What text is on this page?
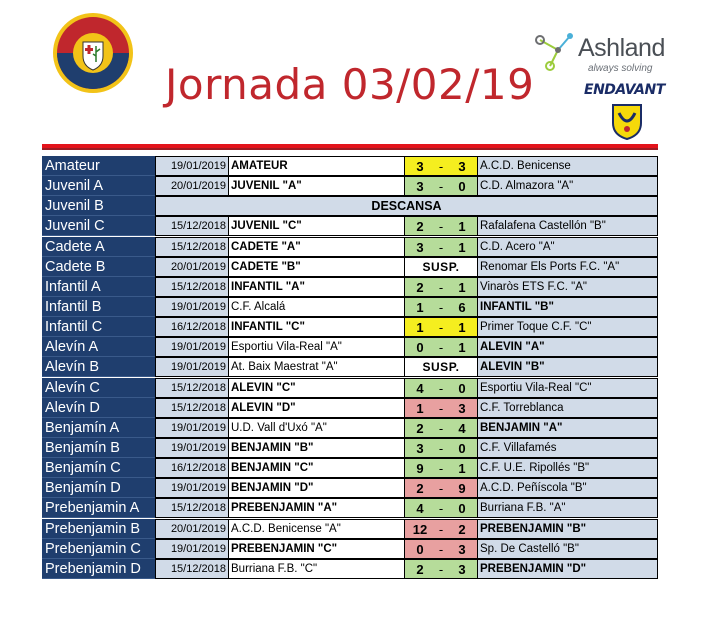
Jornada 03/02/19
Ashland
always solving
ENDAVANT
Amateur	19/01/2019 AMATEUR	3	-	3	A.C.D. Benicense
Juvenil A	20/01/2019 JUVENIL "A"	3	-	0	C.D. Almazora "A"
Juvenil B	DESCANSA
Juvenil C	15/12/2018 JUVENIL "C"	2	-	1	Rafalafena Castellón "B"
Cadete A	15/12/2018 CADETE "A"	3	-	1	C.D. Acero "A"
Cadete B	20/01/2019 CADETE "B"	SUSP.	Renomar Els Ports F.C. "A"
Infantil A	15/12/2018 INFANTIL "A"	2	-	1	Vinaròs ETS F.C. "A"
Infantil B	19/01/2019 C.F. Alcalá	1	-	6	INFANTIL "B"
Infantil C	16/12/2018 INFANTIL "C"	1	-	1	Primer Toque C.F. "C"
Alevín A	19/01/2019 Esportiu Vila-Real "A"	0	-	1	ALEVIN "A"
Alevín B	19/01/2019 At. Baix Maestrat "A"	SUSP.	ALEVIN "B"
Alevín C	15/12/2018 ALEVIN "C"	4	-	0	Esportiu Vila-Real "C"
Alevín D	15/12/2018 ALEVIN "D"	1	-	3	C.F. Torreblanca
Benjamín A	19/01/2019 U.D. Vall d'Uxó "A"	2	-	4	BENJAMIN "A"
Benjamín B	19/01/2019 BENJAMIN "B"	3	-	0	C.F. Villafamés
Benjamín C	16/12/2018 BENJAMIN "C"	9	-	1	C.F. U.E. Ripollés "B"
Benjamín D	19/01/2019 BENJAMIN "D"	2	-	9	A.C.D. Peñíscola "B"
Prebenjamin A	15/12/2018 PREBENJAMIN "A"	4	-	0	Burriana F.B. "A"
Prebenjamin B	20/01/2019 A.C.D. Benicense "A"	12 -	2	PREBENJAMIN "B"
Prebenjamin C	19/01/2019 PREBENJAMIN "C"	0	-	3	Sp. De Castelló "B"
Prebenjamin D	15/12/2018 Burriana F.B. "C"	2	-	3	PREBENJAMIN "D"
